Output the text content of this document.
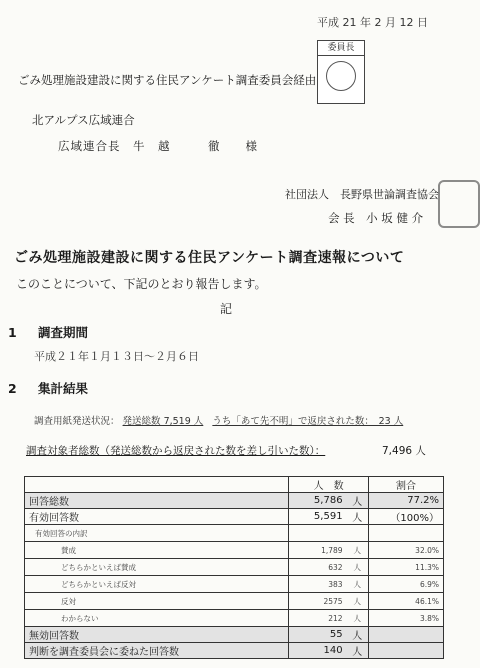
平成 21 年 2 月 12 日
ごみ処理施設建設に関する住民アンケート調査委員会経由
委員長
北アルプス広域連合
広域連合長　牛　越　　　徹　　様
社団法人　長野県世論調査協会
会 長　小 坂 健 介
ごみ処理施設建設に関する住民アンケート調査速報について
このことについて、下記のとおり報告します。
記
1 調査期間
平成２１年１月１３日～２月６日
2 集計結果
調査用紙発送状況： 発送総数 7,519 人 うち「あて先不明」で返戻された数：　23 人
調査対象者総数（発送総数から返戻された数を差し引いた数）：	7,496 人
	人　数		割合
回答総数	5,786	人	77.2%
有効回答数	5,591	人	（100%）
有効回答の内訳			
賛成	1,789	人	32.0%
どちらかといえば賛成	632	人	11.3%
どちらかといえば反対	383	人	6.9%
反対	2575	人	46.1%
わからない	212	人	3.8%
無効回答数	55	人	
判断を調査委員会に委ねた回答数	140	人	
